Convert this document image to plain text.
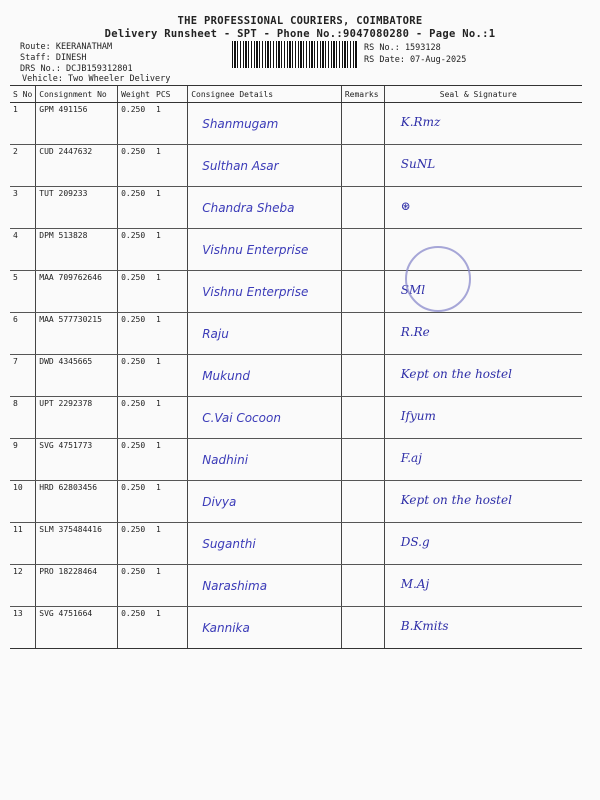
THE PROFESSIONAL COURIERS, COIMBATORE
Delivery Runsheet - SPT - Phone No.:9047080280 - Page No.:1
Route: KEERANATHAM
Staff: DINESH
DRS No.: DCJB159312801
Vehicle: Two Wheeler Delivery
RS No.: 1593128
RS Date: 07-Aug-2025
S No	Consignment No	Weight	PCS	Consignee Details	Remarks	Seal & Signature
1	GPM 491156	0.250	1	Shanmugam		K.Rmz

2	CUD 2447632	0.250	1	Sulthan Asar		SuNL

3	TUT 209233	0.250	1	Chandra Sheba		⊛

4	DPM 513828	0.250	1	Vishnu Enterprise		

5	MAA 709762646	0.250	1	Vishnu Enterprise		SMl

6	MAA 577730215	0.250	1	Raju		R.Re

7	DWD 4345665	0.250	1	Mukund		Kept on the hostel

8	UPT 2292378	0.250	1	C.Vai Cocoon		Ifyum

9	SVG 4751773	0.250	1	Nadhini		F.aj

10	HRD 62803456	0.250	1	Divya		Kept on the hostel

11	SLM 375484416	0.250	1	Suganthi		DS.g

12	PRO 18228464	0.250	1	Narashima		M.Aj

13	SVG 4751664	0.250	1	Kannika		B.Kmits
